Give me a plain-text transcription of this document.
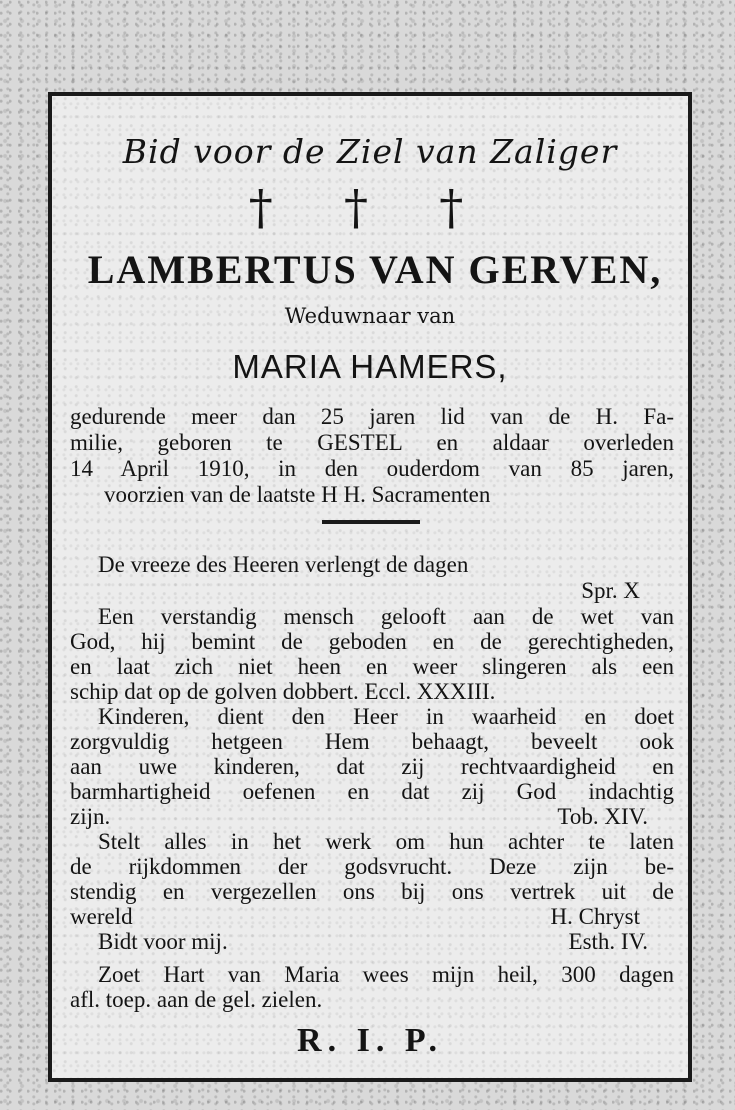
Bid voor de Ziel van Zaliger
† † †
LAMBERTUS VAN GERVEN,
Weduwnaar van
MARIA HAMERS,
gedurende meer dan 25 jaren lid van de H. Fa-
milie, geboren te GESTEL en aldaar overleden
14 April 1910, in den ouderdom van 85 jaren,
voorzien van de laatste H H. Sacramenten
De vreeze des Heeren verlengt de dagen
Spr. X
Een verstandig mensch gelooft aan de wet van
God, hij bemint de geboden en de gerechtigheden,
en laat zich niet heen en weer slingeren als een
schip dat op de golven dobbert. Eccl. XXXIII.
Kinderen, dient den Heer in waarheid en doet
zorgvuldig hetgeen Hem behaagt, beveelt ook
aan uwe kinderen, dat zij rechtvaardigheid en
barmhartigheid oefenen en dat zij God indachtig
zijn.	Tob. XIV.
Stelt alles in het werk om hun achter te laten
de rijkdommen der godsvrucht. Deze zijn be-
stendig en vergezellen ons bij ons vertrek uit de
wereld	H. Chryst
Bidt voor mij.	Esth. IV.
Zoet Hart van Maria wees mijn heil, 300 dagen
afl. toep. aan de gel. zielen.
R. I. P.
